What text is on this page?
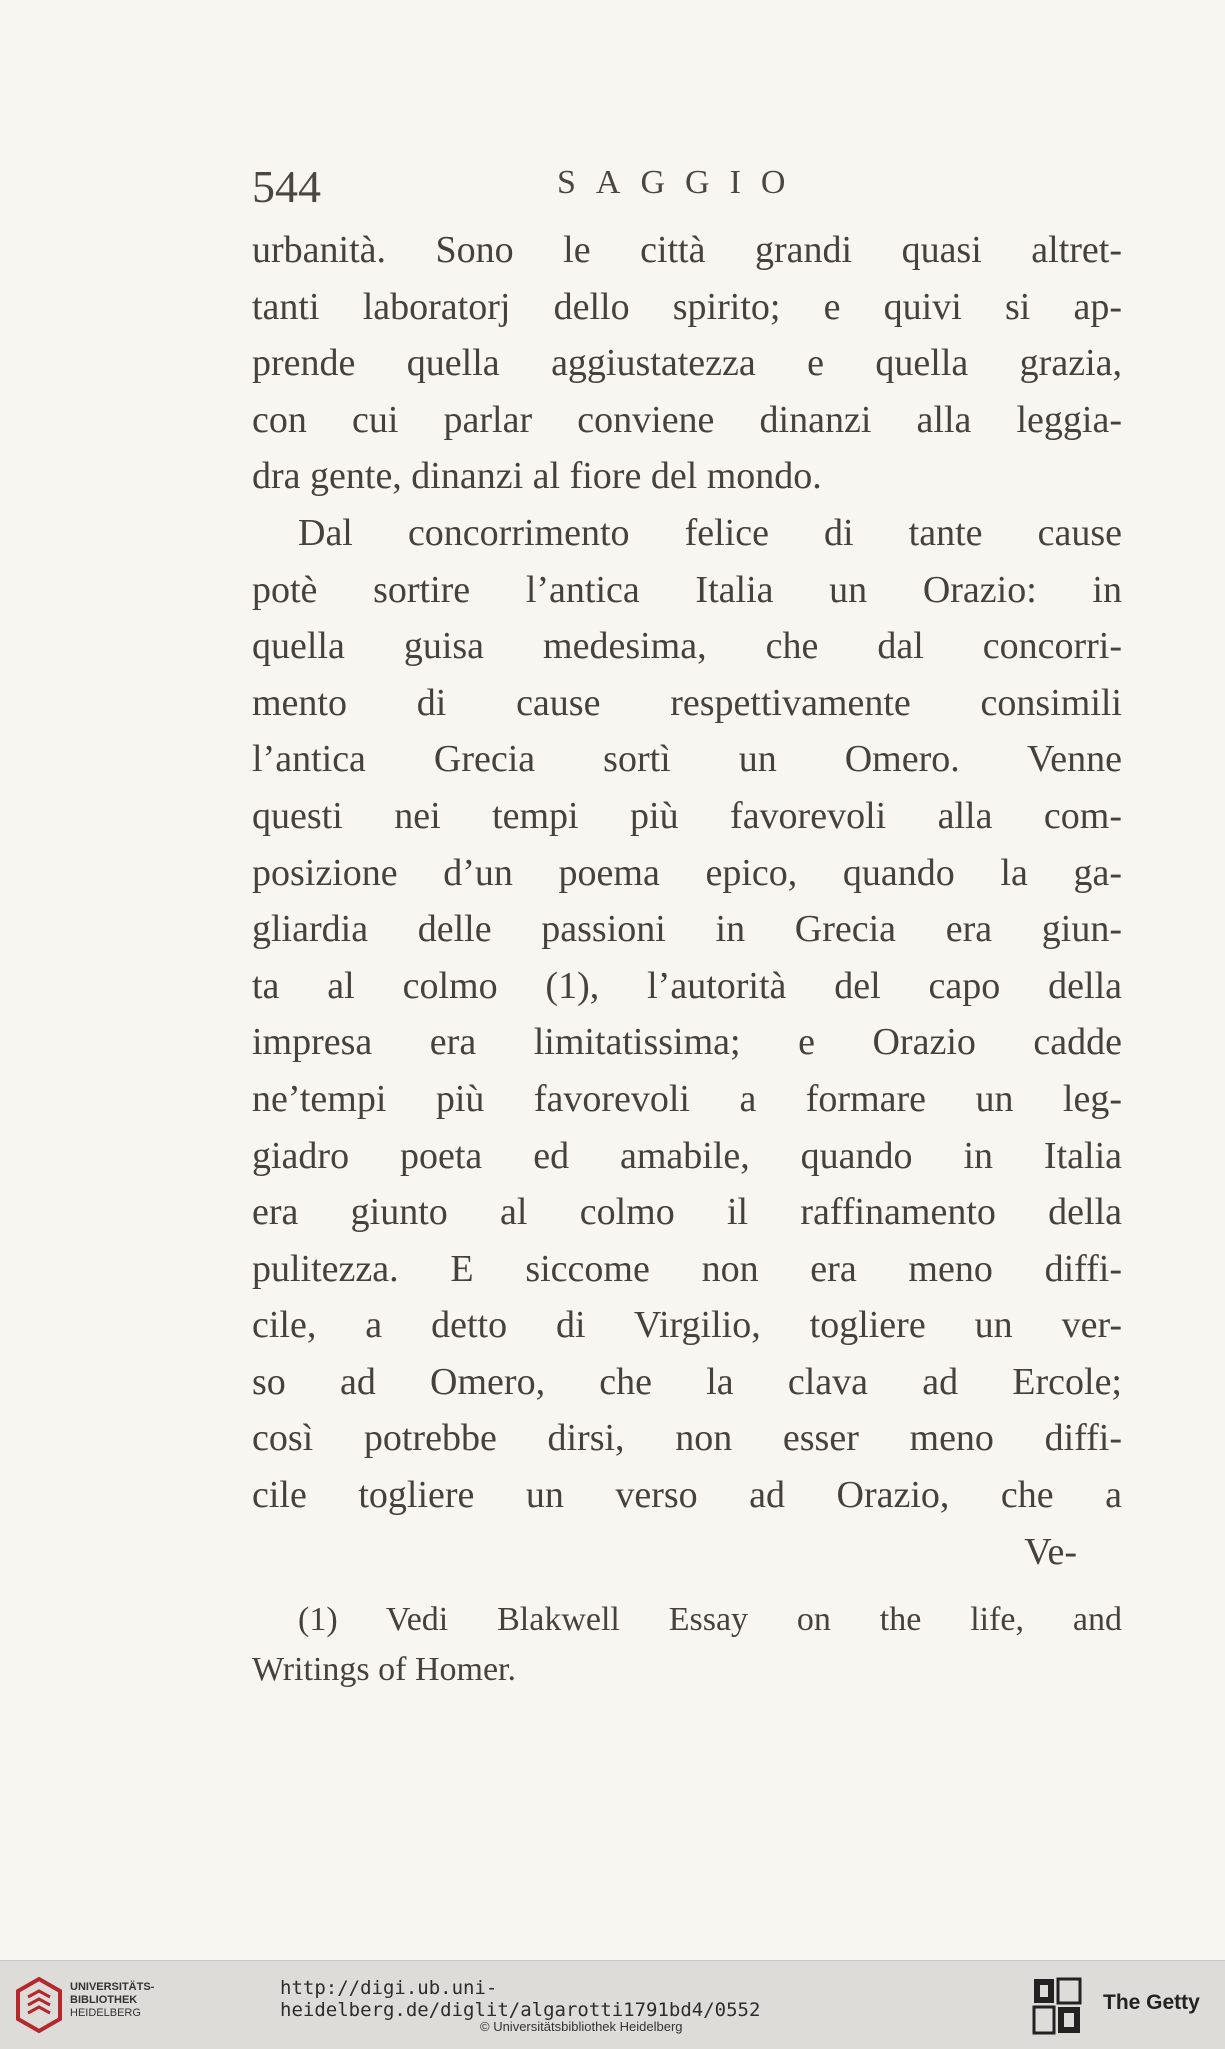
544	SAGGIO
urbanità. Sono le città grandi quasi altret-
tanti laboratorj dello spirito; e quivi si ap-
prende quella aggiustatezza e quella grazia,
con cui parlar conviene dinanzi alla leggia-
dra gente, dinanzi al fiore del mondo.
Dal concorrimento felice di tante cause
potè sortire l’antica Italia un Orazio: in
quella guisa medesima, che dal concorri-
mento di cause respettivamente consimili
l’antica Grecia sortì un Omero. Venne
questi nei tempi più favorevoli alla com-
posizione d’un poema epico, quando la ga-
gliardia delle passioni in Grecia era giun-
ta al colmo (1), l’autorità del capo della
impresa era limitatissima; e Orazio cadde
ne’tempi più favorevoli a formare un leg-
giadro poeta ed amabile, quando in Italia
era giunto al colmo il raffinamento della
pulitezza. E siccome non era meno diffi-
cile, a detto di Virgilio, togliere un ver-
so ad Omero, che la clava ad Ercole;
così potrebbe dirsi, non esser meno diffi-
cile togliere un verso ad Orazio, che a
Ve-
(1) Vedi Blakwell Essay on the life, and
Writings of Homer.
UNIVERSITÄTS-
BIBLIOTHEK
HEIDELBERG
http://digi.ub.uni-heidelberg.de/diglit/algarotti1791bd4/0552
© Universitätsbibliothek Heidelberg
The Getty
